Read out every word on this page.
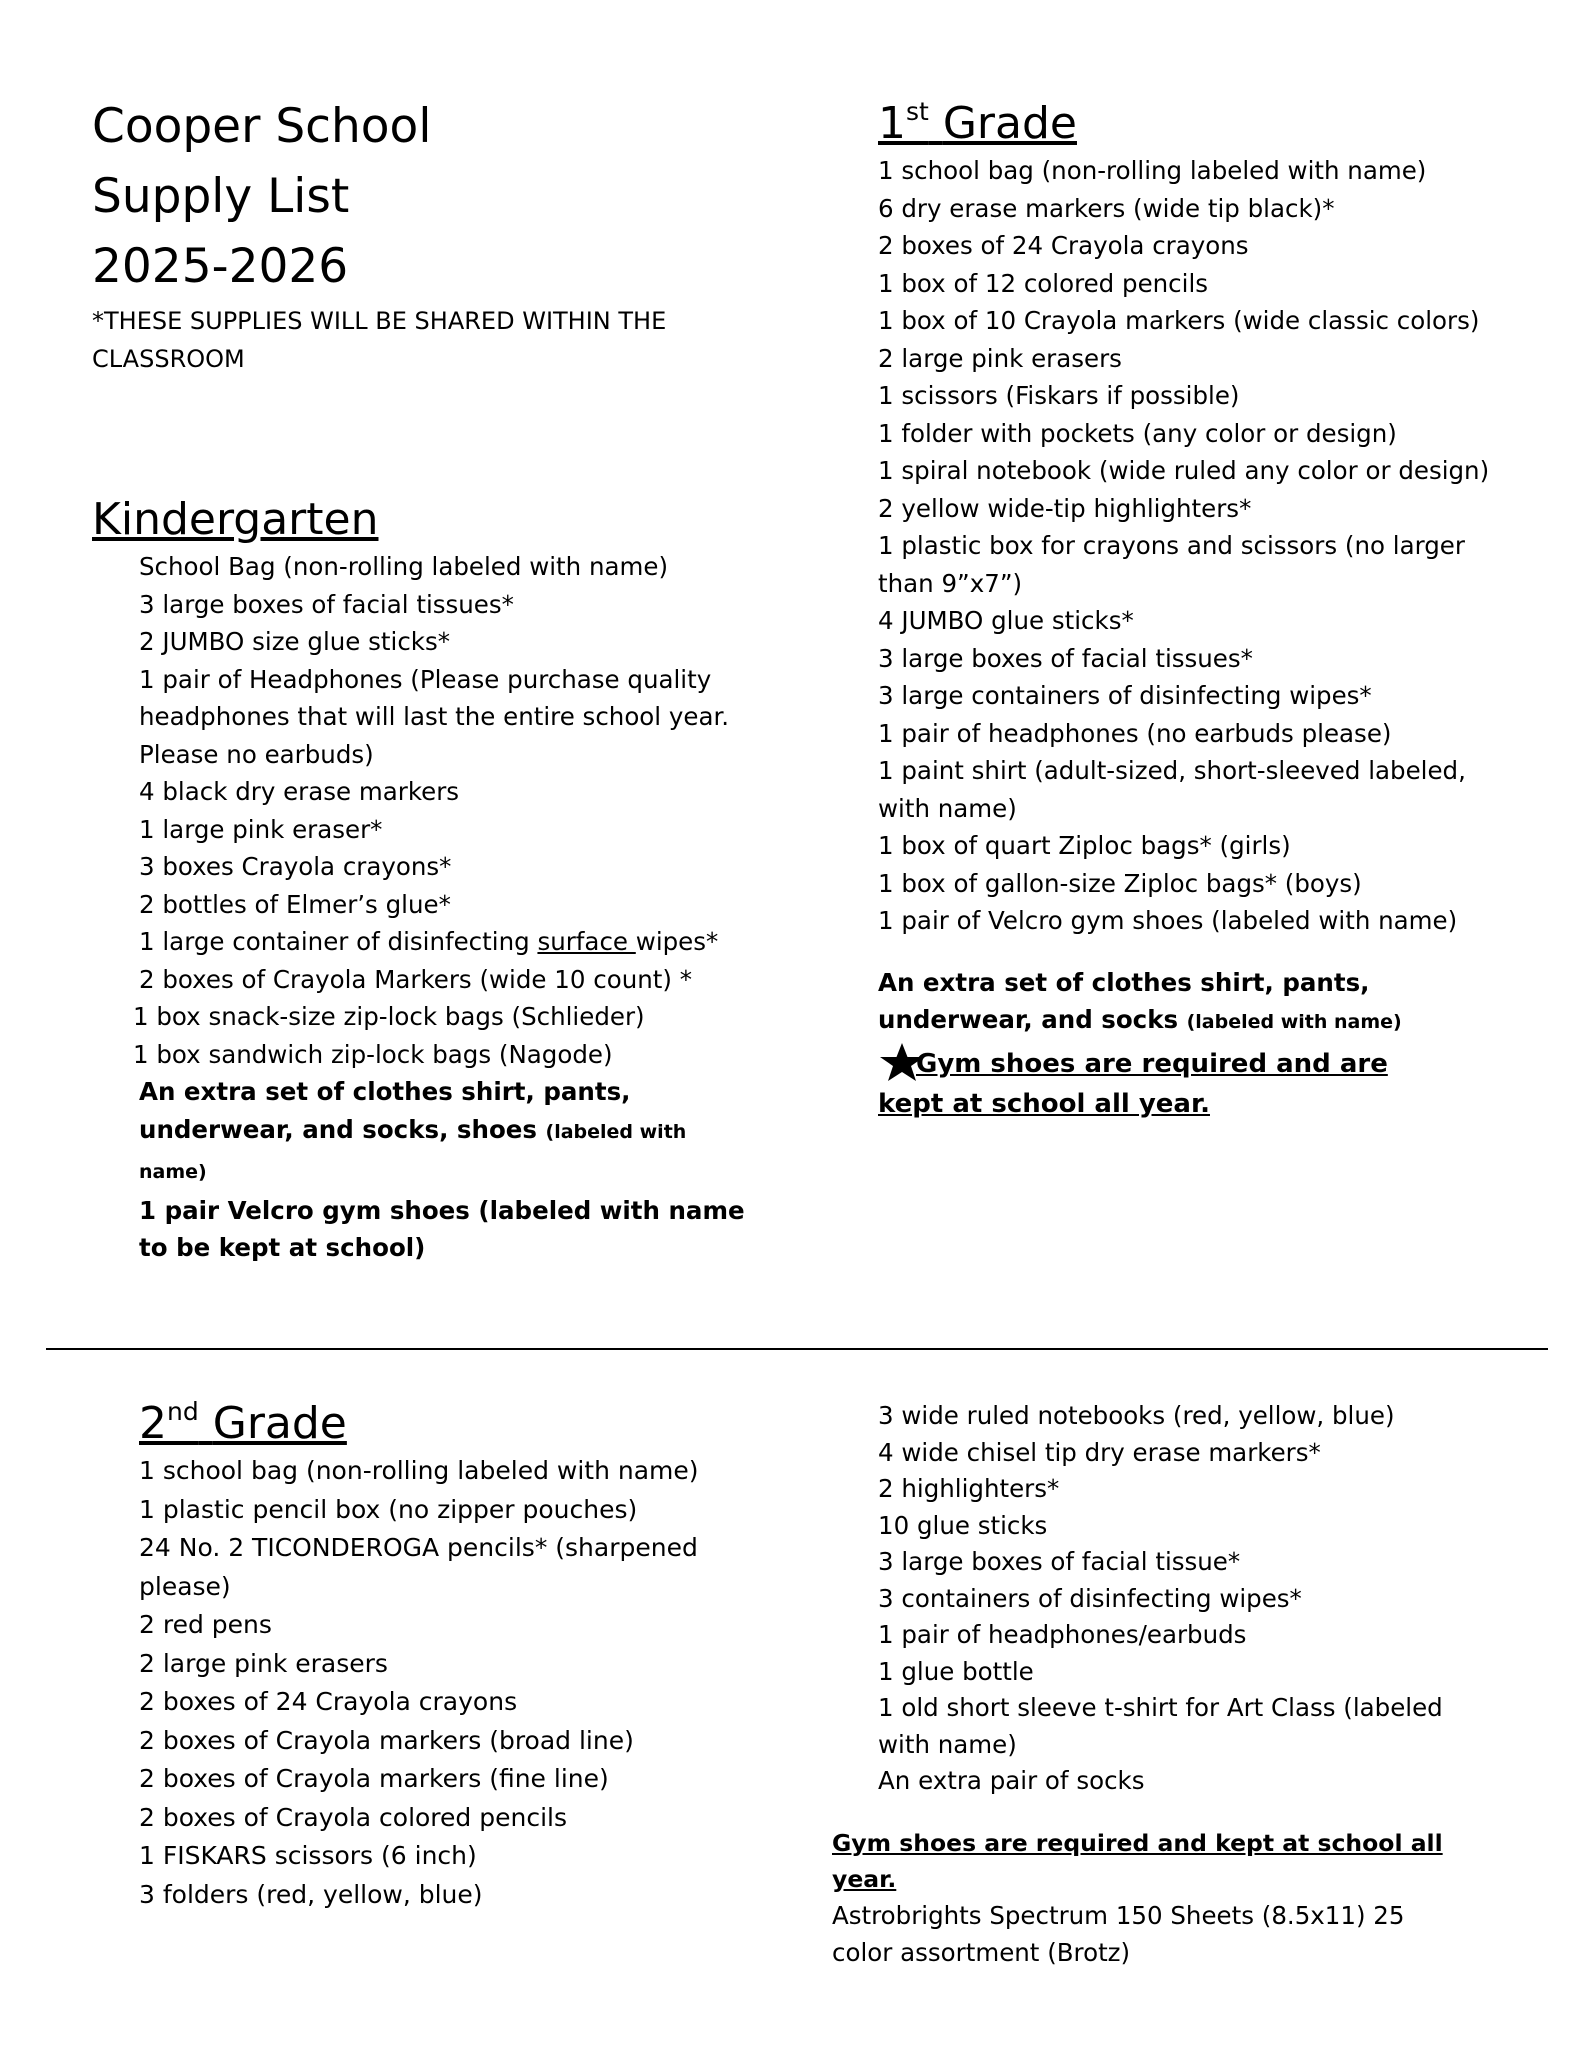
Cooper School
Supply List
2025-2026
*THESE SUPPLIES WILL BE SHARED WITHIN THE CLASSROOM
Kindergarten
School Bag (non-rolling labeled with name)
3 large boxes of facial tissues*
2 JUMBO size glue sticks*
1 pair of Headphones (Please purchase quality headphones that will last the entire school year. Please no earbuds)
4 black dry erase markers
1 large pink eraser*
3 boxes Crayola crayons*
2 bottles of Elmer’s glue*
1 large container of disinfecting surface wipes*
2 boxes of Crayola Markers (wide 10 count) *
1 box snack-size zip-lock bags (Schlieder)
1 box sandwich zip-lock bags (Nagode)
An extra set of clothes shirt, pants, underwear, and socks, shoes (labeled with name)
1 pair Velcro gym shoes (labeled with name to be kept at school)
1st Grade
1 school bag (non-rolling labeled with name)
6 dry erase markers (wide tip black)*
2 boxes of 24 Crayola crayons
1 box of 12 colored pencils
1 box of 10 Crayola markers (wide classic colors)
2 large pink erasers
1 scissors (Fiskars if possible)
1 folder with pockets (any color or design)
1 spiral notebook (wide ruled any color or design)
2 yellow wide-tip highlighters*
1 plastic box for crayons and scissors (no larger than 9”x7”)
4 JUMBO glue sticks*
3 large boxes of facial tissues*
3 large containers of disinfecting wipes*
1 pair of headphones (no earbuds please)
1 paint shirt (adult-sized, short-sleeved labeled, with name)
1 box of quart Ziploc bags* (girls)
1 box of gallon-size Ziploc bags* (boys)
1 pair of Velcro gym shoes (labeled with name)
An extra set of clothes shirt, pants, underwear, and socks (labeled with name)
Gym shoes are required and are kept at school all year.
2nd Grade
1 school bag (non-rolling labeled with name)
1 plastic pencil box (no zipper pouches)
24 No. 2 TICONDEROGA pencils* (sharpened please)
2 red pens
2 large pink erasers
2 boxes of 24 Crayola crayons
2 boxes of Crayola markers (broad line)
2 boxes of Crayola markers (fine line)
2 boxes of Crayola colored pencils
1 FISKARS scissors (6 inch)
3 folders (red, yellow, blue)
3 wide ruled notebooks (red, yellow, blue)
4 wide chisel tip dry erase markers*
2 highlighters*
10 glue sticks
3 large boxes of facial tissue*
3 containers of disinfecting wipes*
1 pair of headphones/earbuds
1 glue bottle
1 old short sleeve t-shirt for Art Class (labeled with name)
An extra pair of socks
Gym shoes are required and kept at school all year.
Astrobrights Spectrum 150 Sheets (8.5x11) 25 color assortment (Brotz)
